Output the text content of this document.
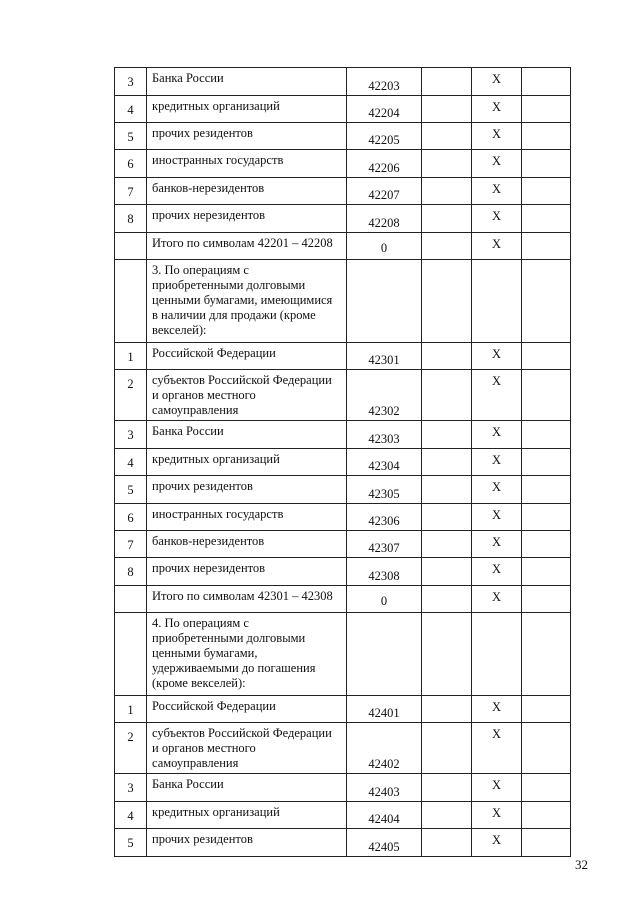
3	Банка России	42203		X	
4	кредитных организаций	42204		X	
5	прочих резидентов	42205		X	
6	иностранных государств	42206		X	
7	банков-нерезидентов	42207		X	
8	прочих нерезидентов	42208		X	
	Итого по символам 42201 – 42208	0		X	
	3. По операциям с приобретенными долговыми ценными бумагами, имеющимися в наличии для продажи (кроме векселей):				
1	Российской Федерации	42301		X	
2	субъектов Российской Федерации и органов местного самоуправления	42302		X	
3	Банка России	42303		X	
4	кредитных организаций	42304		X	
5	прочих резидентов	42305		X	
6	иностранных государств	42306		X	
7	банков-нерезидентов	42307		X	
8	прочих нерезидентов	42308		X	
	Итого по символам 42301 – 42308	0		X	
	4. По операциям с приобретенными долговыми ценными бумагами, удерживаемыми до погашения (кроме векселей):				
1	Российской Федерации	42401		X	
2	субъектов Российской Федерации и органов местного самоуправления	42402		X	
3	Банка России	42403		X	
4	кредитных организаций	42404		X	
5	прочих резидентов	42405		X	
32
